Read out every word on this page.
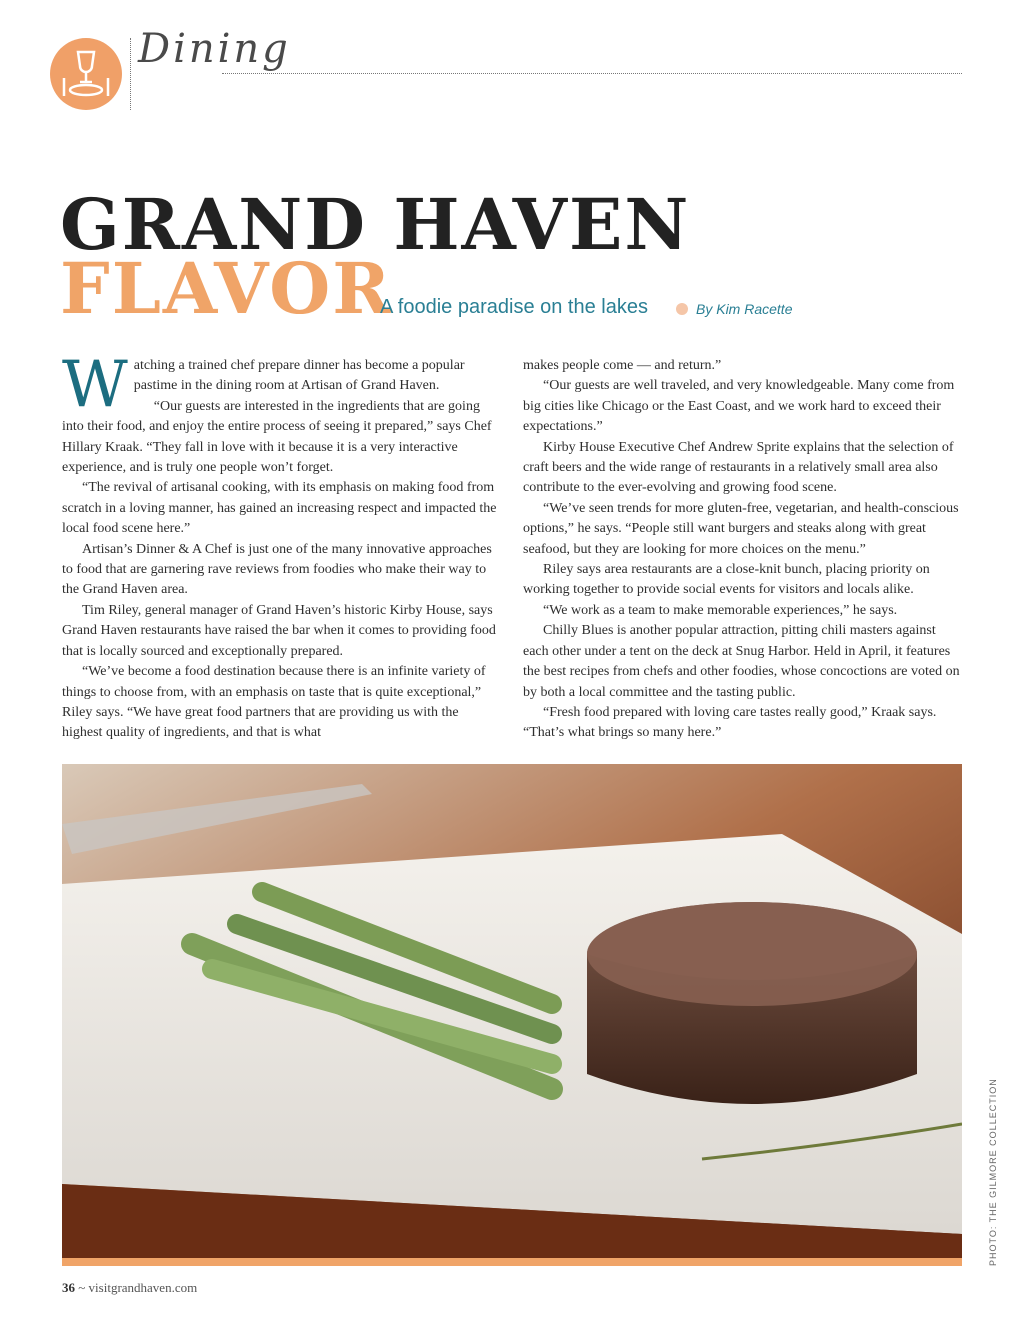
Dining
GRAND HAVEN
FLAVOR
A foodie paradise on the lakes	By Kim Racette

Watching a trained chef prepare dinner has become a popular pastime in the dining room at Artisan of Grand Haven.

“Our guests are interested in the ingredients that are going into their food, and enjoy the entire process of seeing it prepared,” says Chef Hillary Kraak. “They fall in love with it because it is a very interactive experience, and is truly one people won’t forget.

“The revival of artisanal cooking, with its emphasis on making food from scratch in a loving manner, has gained an increasing respect and impacted the local food scene here.”

Artisan’s Dinner & A Chef is just one of the many innovative approaches to food that are garnering rave reviews from foodies who make their way to the Grand Haven area.

Tim Riley, general manager of Grand Haven’s historic Kirby House, says Grand Haven restaurants have raised the bar when it comes to providing food that is locally sourced and exceptionally prepared.

“We’ve become a food destination because there is an infinite variety of things to choose from, with an emphasis on taste that is quite exceptional,” Riley says. “We have great food partners that are providing us with the highest quality of ingredients, and that is what

makes people come — and return.”

“Our guests are well traveled, and very knowledgeable. Many come from big cities like Chicago or the East Coast, and we work hard to exceed their expectations.”

Kirby House Executive Chef Andrew Sprite explains that the selection of craft beers and the wide range of restaurants in a relatively small area also contribute to the ever-evolving and growing food scene.

“We’ve seen trends for more gluten-free, vegetarian, and health-conscious options,” he says. “People still want burgers and steaks along with great seafood, but they are looking for more choices on the menu.”

Riley says area restaurants are a close-knit bunch, placing priority on working together to provide social events for visitors and locals alike.

“We work as a team to make memorable experiences,” he says.

Chilly Blues is another popular attraction, pitting chili masters against each other under a tent on the deck at Snug Harbor. Held in April, it features the best recipes from chefs and other foodies, whose concoctions are voted on by both a local committee and the tasting public.

“Fresh food prepared with loving care tastes really good,” Kraak says. “That’s what brings so many here.”

PHOTO: THE GILMORE COLLECTION
36 ~ visitgrandhaven.com
